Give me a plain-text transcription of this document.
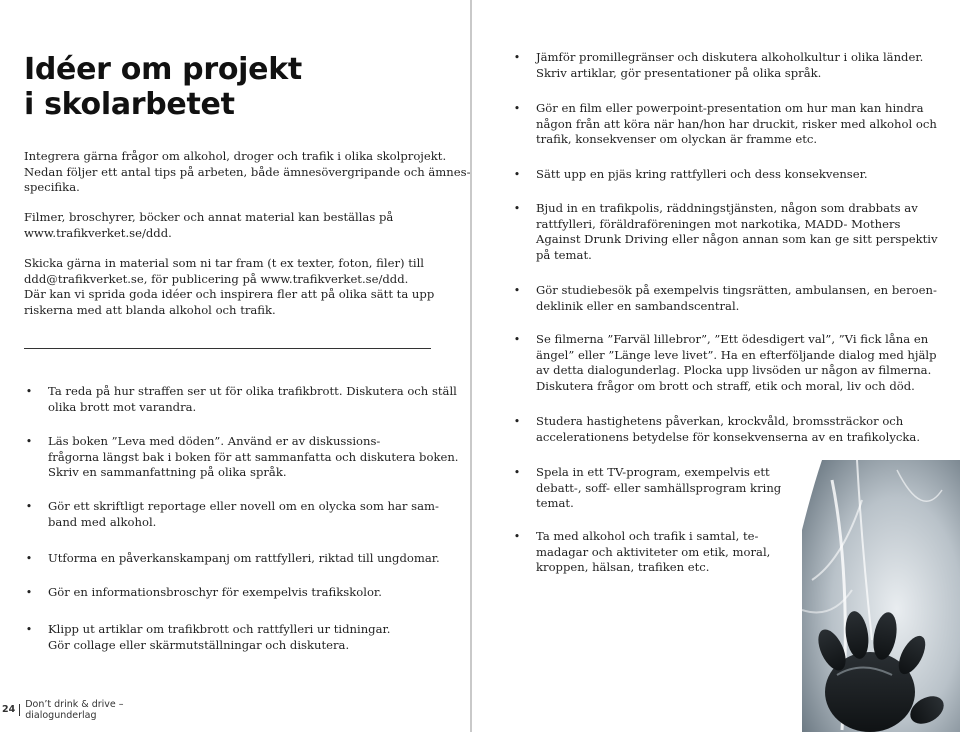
Idéer om projekt
i skolarbetet
Integrera gärna frågor om alkohol, droger och trafik i olika skolprojekt.
Nedan följer ett antal tips på arbeten, både ämnesövergripande och ämnes-
specifika.
Filmer, broschyrer, böcker och annat material kan beställas på
www.trafikverket.se/ddd.
Skicka gärna in material som ni tar fram (t ex texter, foton, filer) till
ddd@trafikverket.se, för publicering på www.trafikverket.se/ddd.
Där kan vi sprida goda idéer och inspirera fler att på olika sätt ta upp
riskerna med att blanda alkohol och trafik.
• Ta reda på hur straffen ser ut för olika trafikbrott. Diskutera och ställ
olika brott mot varandra.
• Läs boken ”Leva med döden”. Använd er av diskussions-
frågorna längst bak i boken för att sammanfatta och diskutera boken.
Skriv en sammanfattning på olika språk.
• Gör ett skriftligt reportage eller novell om en olycka som har sam-
band med alkohol.
• Utforma en påverkanskampanj om rattfylleri, riktad till ungdomar.
• Gör en informationsbroschyr för exempelvis trafikskolor.
• Klipp ut artiklar om trafikbrott och rattfylleri ur tidningar.
Gör collage eller skärmutställningar och diskutera.
24	Don’t drink & drive – dialogunderlag
• Jämför promillegränser och diskutera alkoholkultur i olika länder.
Skriv artiklar, gör presentationer på olika språk.
• Gör en film eller powerpoint-presentation om hur man kan hindra
någon från att köra när han/hon har druckit, risker med alkohol och
trafik, konsekvenser om olyckan är framme etc.
• Sätt upp en pjäs kring rattfylleri och dess konsekvenser.
• Bjud in en trafikpolis, räddningstjänsten, någon som drabbats av
rattfylleri, föräldraföreningen mot narkotika, MADD- Mothers
Against Drunk Driving eller någon annan som kan ge sitt perspektiv
på temat.
• Gör studiebesök på exempelvis tingsrätten, ambulansen, en beroen-
deklinik eller en sambandscentral.
• Se filmerna ”Farväl lillebror”, ”Ett ödesdigert val”, ”Vi fick låna en
ängel” eller ”Länge leve livet”. Ha en efterföljande dialog med hjälp
av detta dialogunderlag. Plocka upp livsöden ur någon av filmerna.
Diskutera frågor om brott och straff, etik och moral, liv och död.
• Studera hastighetens påverkan, krockvåld, bromssträckor och
accelerationens betydelse för konsekvenserna av en trafikolycka.
• Spela in ett TV-program, exempelvis ett
debatt-, soff- eller samhällsprogram kring
temat.
• Ta med alkohol och trafik i samtal, te-
madagar och aktiviteter om etik, moral,
kroppen, hälsan, trafiken etc.
